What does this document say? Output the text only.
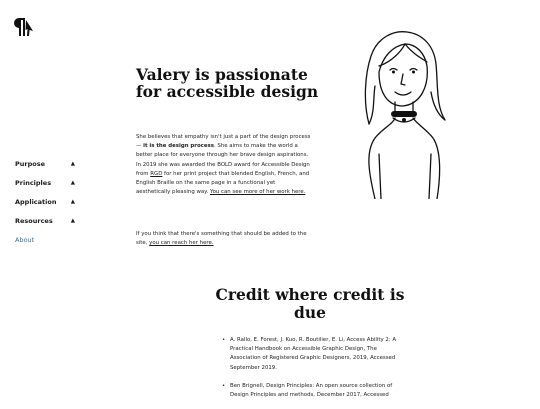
Purpose	▲
Principles	▲
Application	▲
Resources	▲
About
Valery is passionate for accessible design

She believes that empathy isn't just a part of the design process — it is the design process. She aims to make the world a better place for everyone through her brave design aspirations. In 2019 she was awarded the BOLD award for Accessible Design from RGD for her print project that blended English, French, and English Braille on the same page in a functional yet aesthetically pleasing way. You can see more of her work here.

If you think that there's something that should be added to the site, you can reach her here.

Credit where credit is due
• A. Rallo, E. Forest, J. Kuo, R. Boutilier, E. Li, Access Ability 2: A Practical Handbook on Accessible Graphic Design, The Association of Registered Graphic Designers, 2019, Accessed September 2019.
• Ben Brignell, Design Principles: An open source collection of Design Principles and methods, December 2017, Accessed
